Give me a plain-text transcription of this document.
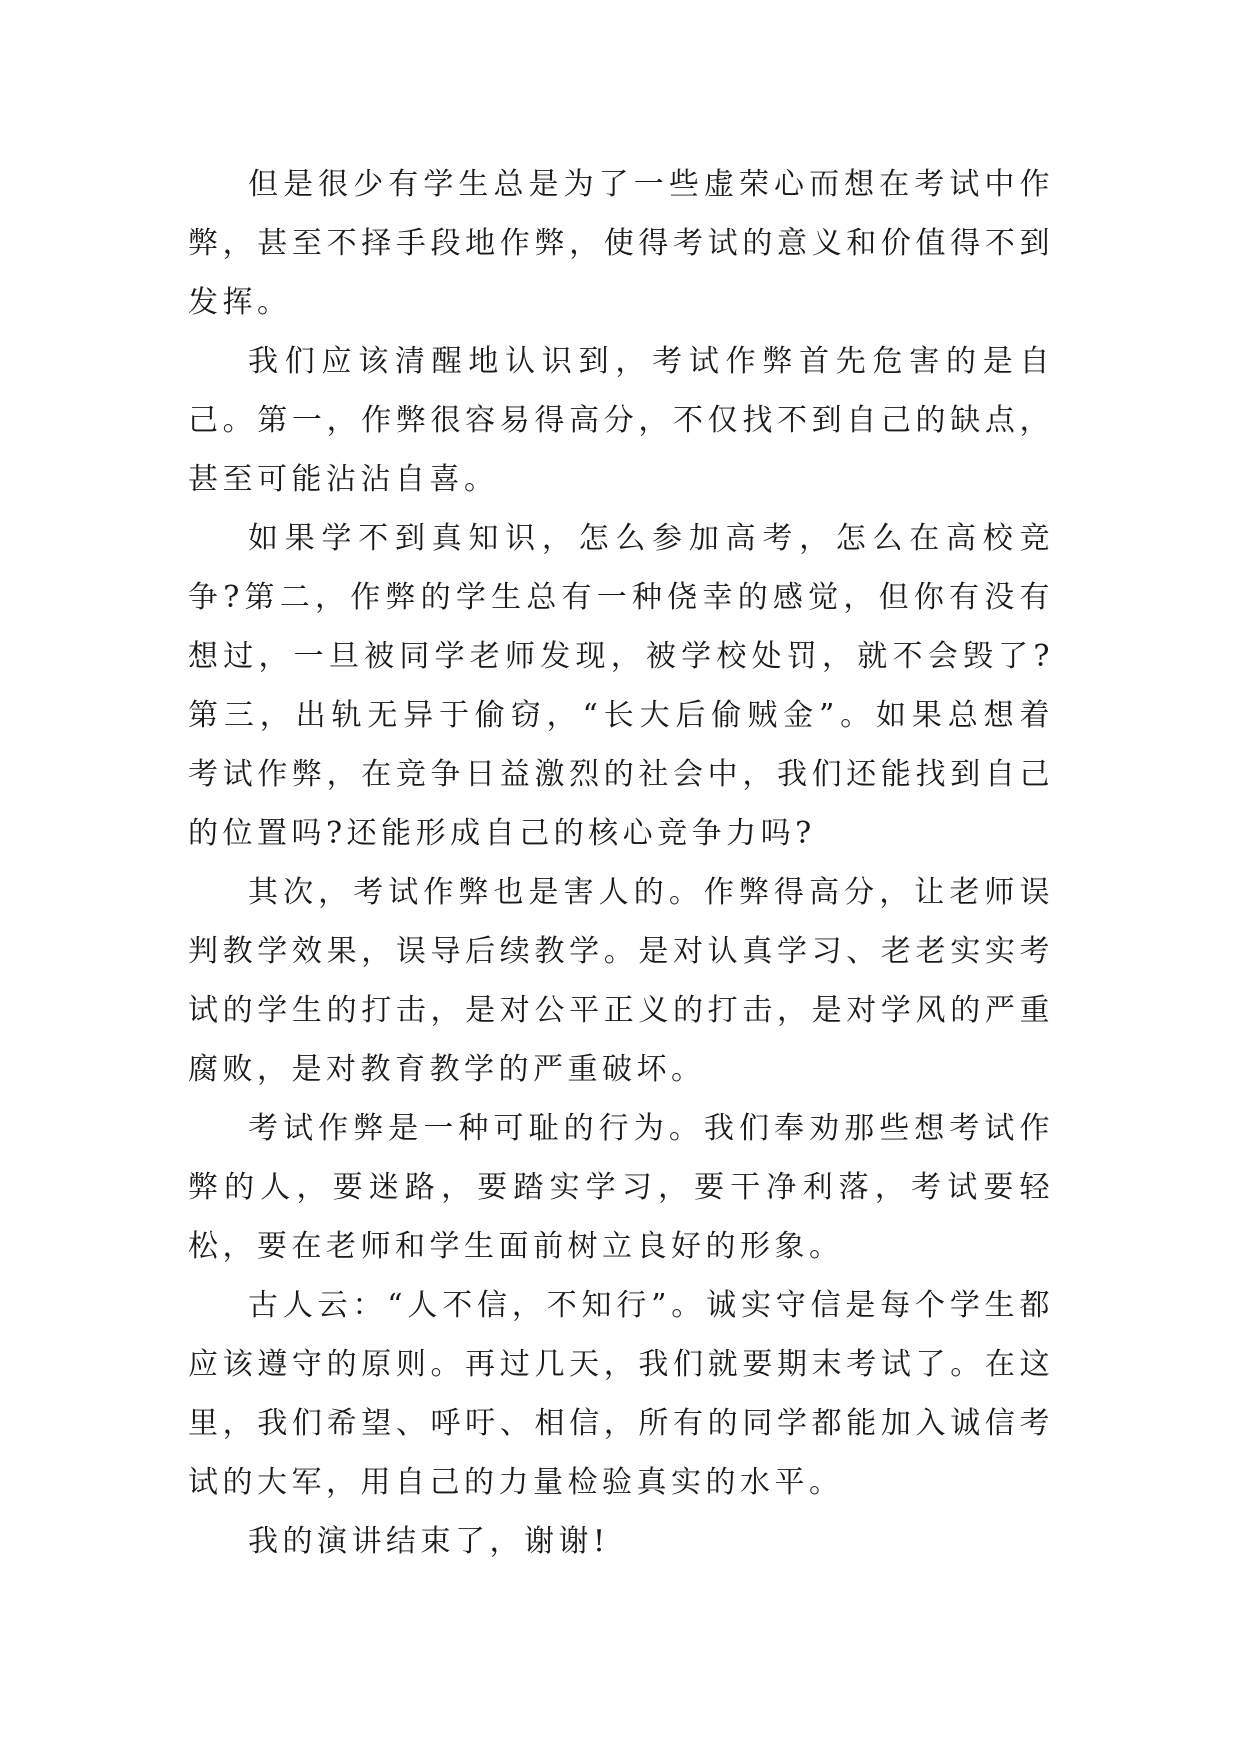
但是很少有学生总是为了一些虚荣心而想在考试中作弊，甚至不择手段地作弊，使得考试的意义和价值得不到发挥。

我们应该清醒地认识到，考试作弊首先危害的是自己。第一，作弊很容易得高分，不仅找不到自己的缺点，甚至可能沾沾自喜。

如果学不到真知识，怎么参加高考，怎么在高校竞争?第二，作弊的学生总有一种侥幸的感觉，但你有没有想过，一旦被同学老师发现，被学校处罚，就不会毁了?第三，出轨无异于偷窃，“长大后偷贼金”。如果总想着考试作弊，在竞争日益激烈的社会中，我们还能找到自己的位置吗?还能形成自己的核心竞争力吗?

其次，考试作弊也是害人的。作弊得高分，让老师误判教学效果，误导后续教学。是对认真学习、老老实实考试的学生的打击，是对公平正义的打击，是对学风的严重腐败，是对教育教学的严重破坏。

考试作弊是一种可耻的行为。我们奉劝那些想考试作弊的人，要迷路，要踏实学习，要干净利落，考试要轻松，要在老师和学生面前树立良好的形象。

古人云：“人不信，不知行”。诚实守信是每个学生都应该遵守的原则。再过几天，我们就要期末考试了。在这里，我们希望、呼吁、相信，所有的同学都能加入诚信考试的大军，用自己的力量检验真实的水平。

我的演讲结束了，谢谢!
